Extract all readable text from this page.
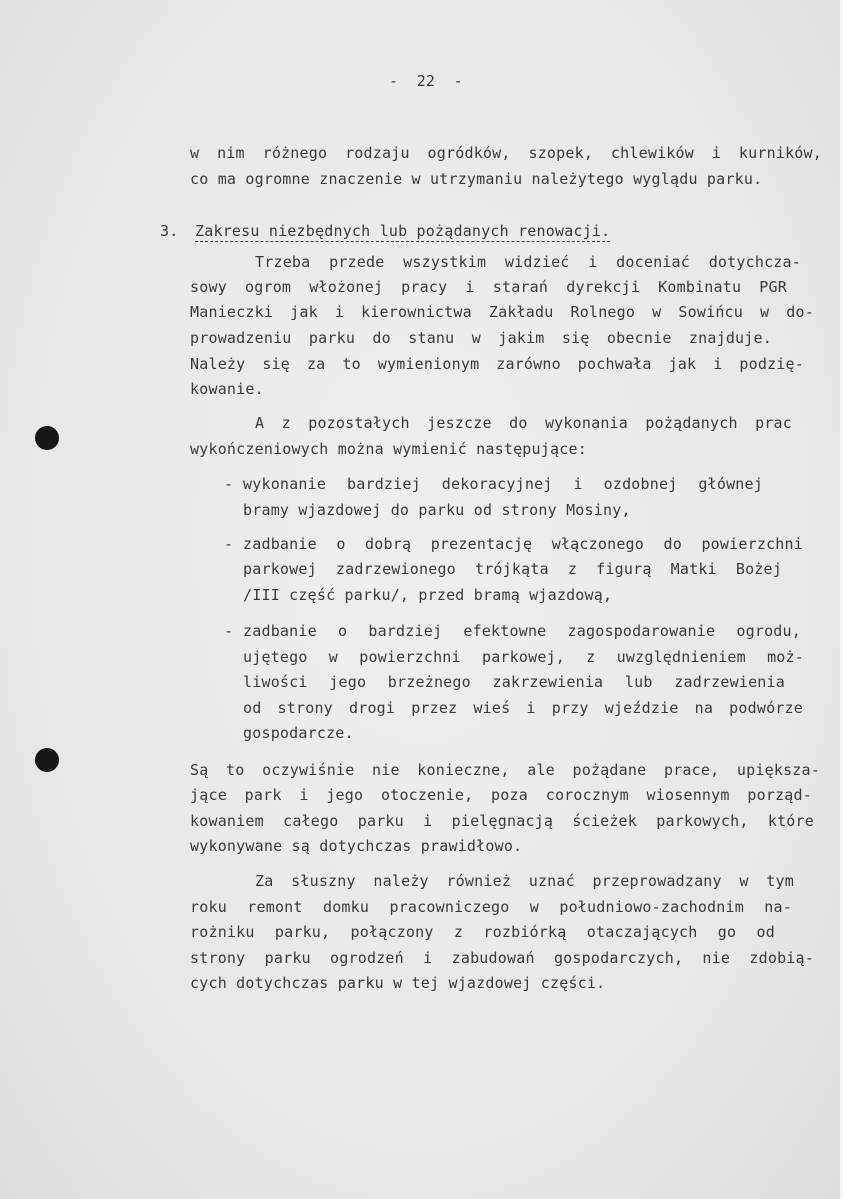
-  22  -
w nim różnego rodzaju ogródków, szopek, chlewików i kurników,
co ma ogromne znaczenie w utrzymaniu należytego wyglądu parku.
3. Zakresu niezbędnych lub pożądanych renowacji.
Trzeba przede wszystkim widzieć i doceniać dotychcza-
sowy ogrom włożonej pracy i starań dyrekcji Kombinatu PGR
Manieczki jak i kierownictwa Zakładu Rolnego w Sowińcu w do-
prowadzeniu parku do stanu w jakim się obecnie znajduje.
Należy się za to wymienionym zarówno pochwała jak i podzię-
kowanie.
A z pozostałych jeszcze do wykonania pożądanych prac
wykończeniowych można wymienić następujące:
- wykonanie bardziej dekoracyjnej i ozdobnej głównej
bramy wjazdowej do parku od strony Mosiny,
- zadbanie o dobrą prezentację włączonego do powierzchni
parkowej zadrzewionego trójkąta z figurą Matki Bożej
/III część parku/, przed bramą wjazdową,
- zadbanie o bardziej efektowne zagospodarowanie ogrodu,
ujętego w powierzchni parkowej, z uwzględnieniem moż-
liwości jego brzeżnego zakrzewienia lub zadrzewienia
od strony drogi przez wieś i przy wjeździe na podwórze
gospodarcze.
Są to oczywiśnie nie konieczne, ale pożądane prace, upiększa-
jące park i jego otoczenie, poza corocznym wiosennym porząd-
kowaniem całego parku i pielęgnacją ścieżek parkowych, które
wykonywane są dotychczas prawidłowo.
Za słuszny należy również uznać przeprowadzany w tym
roku remont domku pracowniczego w południowo-zachodnim na-
rożniku parku, połączony z rozbiórką otaczających go od
strony parku ogrodzeń i zabudowań gospodarczych, nie zdobią-
cych dotychczas parku w tej wjazdowej części.
